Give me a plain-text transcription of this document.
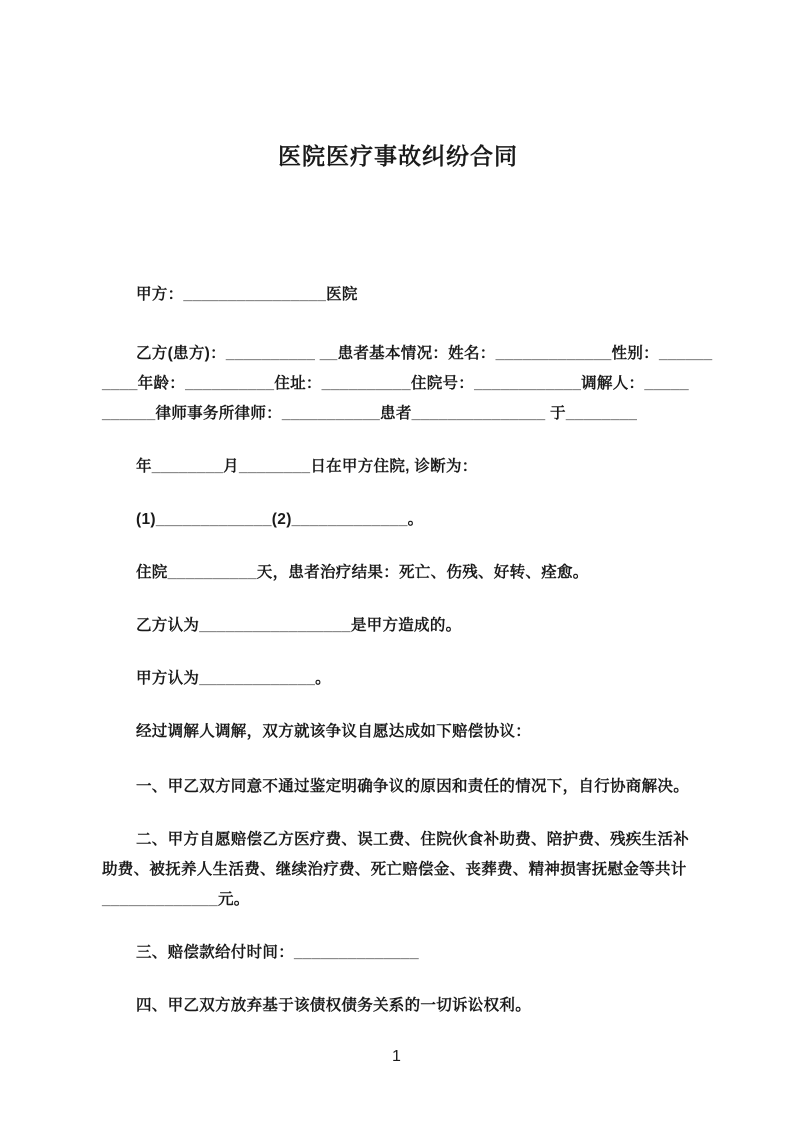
医院医疗事故纠纷合同
甲方：________________医院
乙方(患方)：__________ __患者基本情况：姓名：_____________性别：______
____年龄：__________住址：__________住院号：____________调解人：_____
______律师事务所律师：___________患者_______________ 于________
年________月________日在甲方住院, 诊断为：
(1)_____________(2)_____________。
住院__________天，患者治疗结果：死亡、伤残、好转、痊愈。
乙方认为_________________是甲方造成的。
甲方认为_____________。
经过调解人调解，双方就该争议自愿达成如下赔偿协议：
一、甲乙双方同意不通过鉴定明确争议的原因和责任的情况下，自行协商解决。
二、甲方自愿赔偿乙方医疗费、误工费、住院伙食补助费、陪护费、残疾生活补
助费、被抚养人生活费、继续治疗费、死亡赔偿金、丧葬费、精神损害抚慰金等共计
_____________元。
三、赔偿款给付时间：______________
四、甲乙双方放弃基于该债权债务关系的一切诉讼权利。
1
